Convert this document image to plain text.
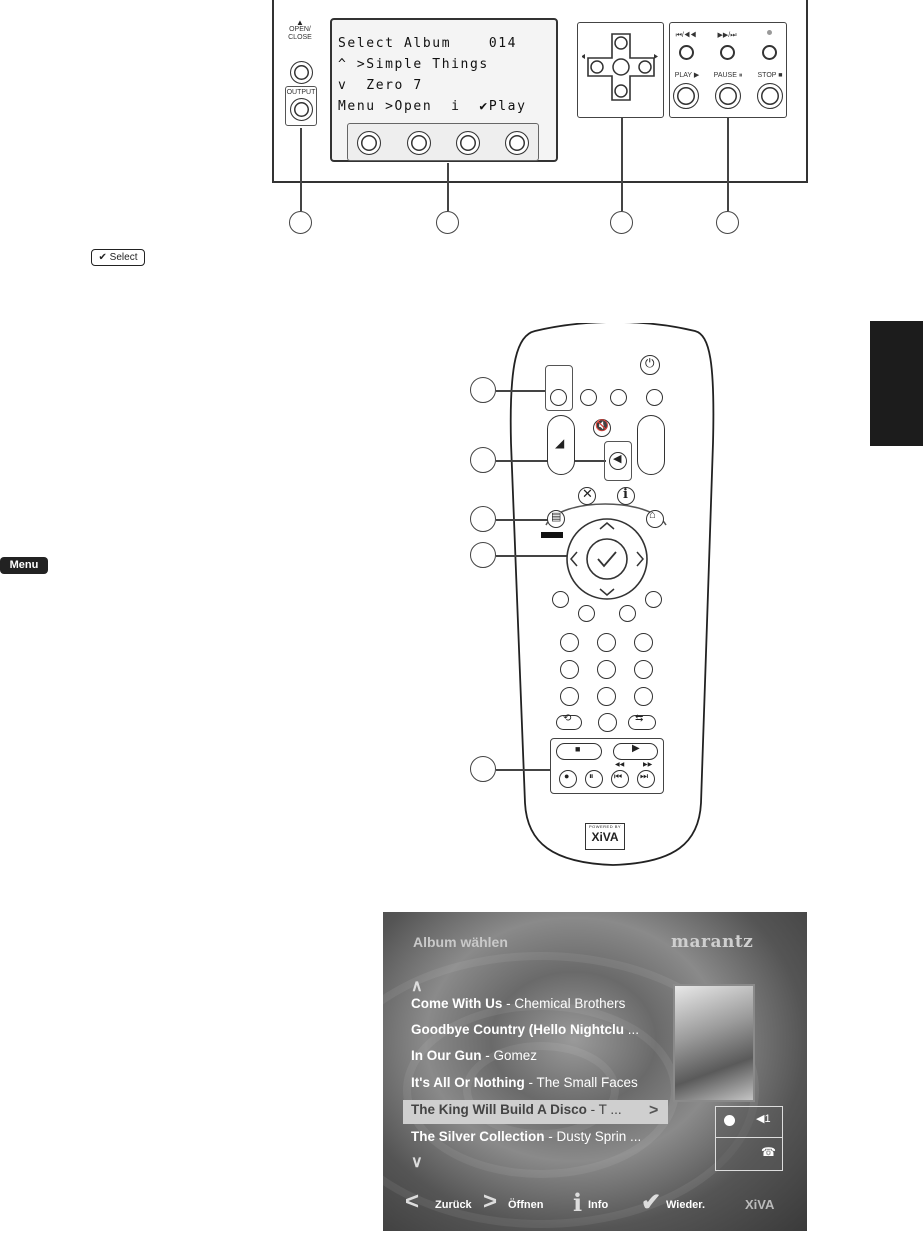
OPEN/
CLOSE
▲
OUTPUT
Select Album    014
^ >Simple Things
v  Zero 7
Menu >Open  i  ✔Play
⏮/◀◀	▶▶/⏭
PLAY ▶	PAUSE ⏸	STOP ■
✔ Select
Menu
⏻
◢
🔇
◀
✕ i
▤	⌂
⟲	⇆
■	▶
◀◀	▶▶
● ⏸ ⏮ ⏭
POWERED BY
XiVA
Album wählen	marantz
∧
Come With Us - Chemical Brothers
Goodbye Country (Hello Nightclu ...
In Our Gun - Gomez
It's All Or Nothing - The Small Faces
The King Will Build A Disco - T ...
The Silver Collection - Dusty Sprin ...
>
∨
◀1
☎
< Zurück > Öffnen i Info ✔ Wieder.	XiVA
